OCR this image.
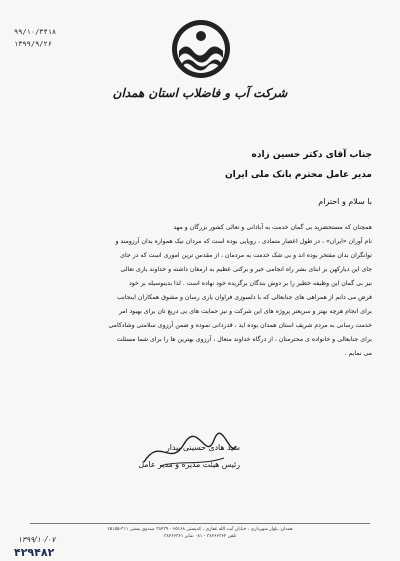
۹۹/۱۰/۳۴۱۸
۱۳۹۹/۹/۲۶
شرکت آب و فاضلاب استان همدان
جناب آقای دکتر حسین زاده
مدیر عامل محترم بانک ملی ایران
با سلام و احترام
همچنان که مستحضرید بی گمان خدمت به آبادانی و تعالی کشور بزرگان و مهد
نام آوران «ایران» ، در طول اعصار متمادی ، رویایی بوده است که مردان نیک همواره بدان آرزومند و
توانگران بدان مفتخر بوده اند و بی شک خدمت به مردمان ، از مقدس ترین اموری است که در جای
جای این دیارکهن بر ابنای بشر راه انجامی خیر و برکتی عظیم به ارمغان داشته و خداوند باری تعالی
نیز بی گمان این وظیفه خطیر را بر دوش بندگان برگزیده خود نهاده است . لذا بدینوسیله بر خود
فرض می دانم از همراهی های جنابعالی که با دلسوزی فراوان یاری رسان و مشوق همکاران اینجانب
برای انجام هرچه بهتر و سریعتر پروژه های این شرکت و نیز حمایت های بی دریغ تان برای بهبود امر
خدمت رسانی به مردم شریف استان همدان بوده اید ، قدردانی نموده و ضمن آرزوی سلامتی وشادکامی
برای جنابعالی و خانواده ی محترمتان ، از درگاه خداوند متعال ، آرزوی بهترین ها را برای شما مسئلت
می نمایم .
سید هادی حسینی بیدار
رئیس هیئت مدیره و مدیر عامل
همدان، بلوار شهرداری ، خیابان آیت الله غفاری ، کدپستی ۶۵۱۶۸ - ۳۸۴۳۹ صندوق پستی ۳۱۱-۶۵۱۵۵
تلفن ۳۸۲۶۶۳۶۲ - ۰۸۱ نمابر ۳۸۲۶۶۳۶۱
۱۳۹۹/۱۰/۰۷
۴۲۹۴۸۲
